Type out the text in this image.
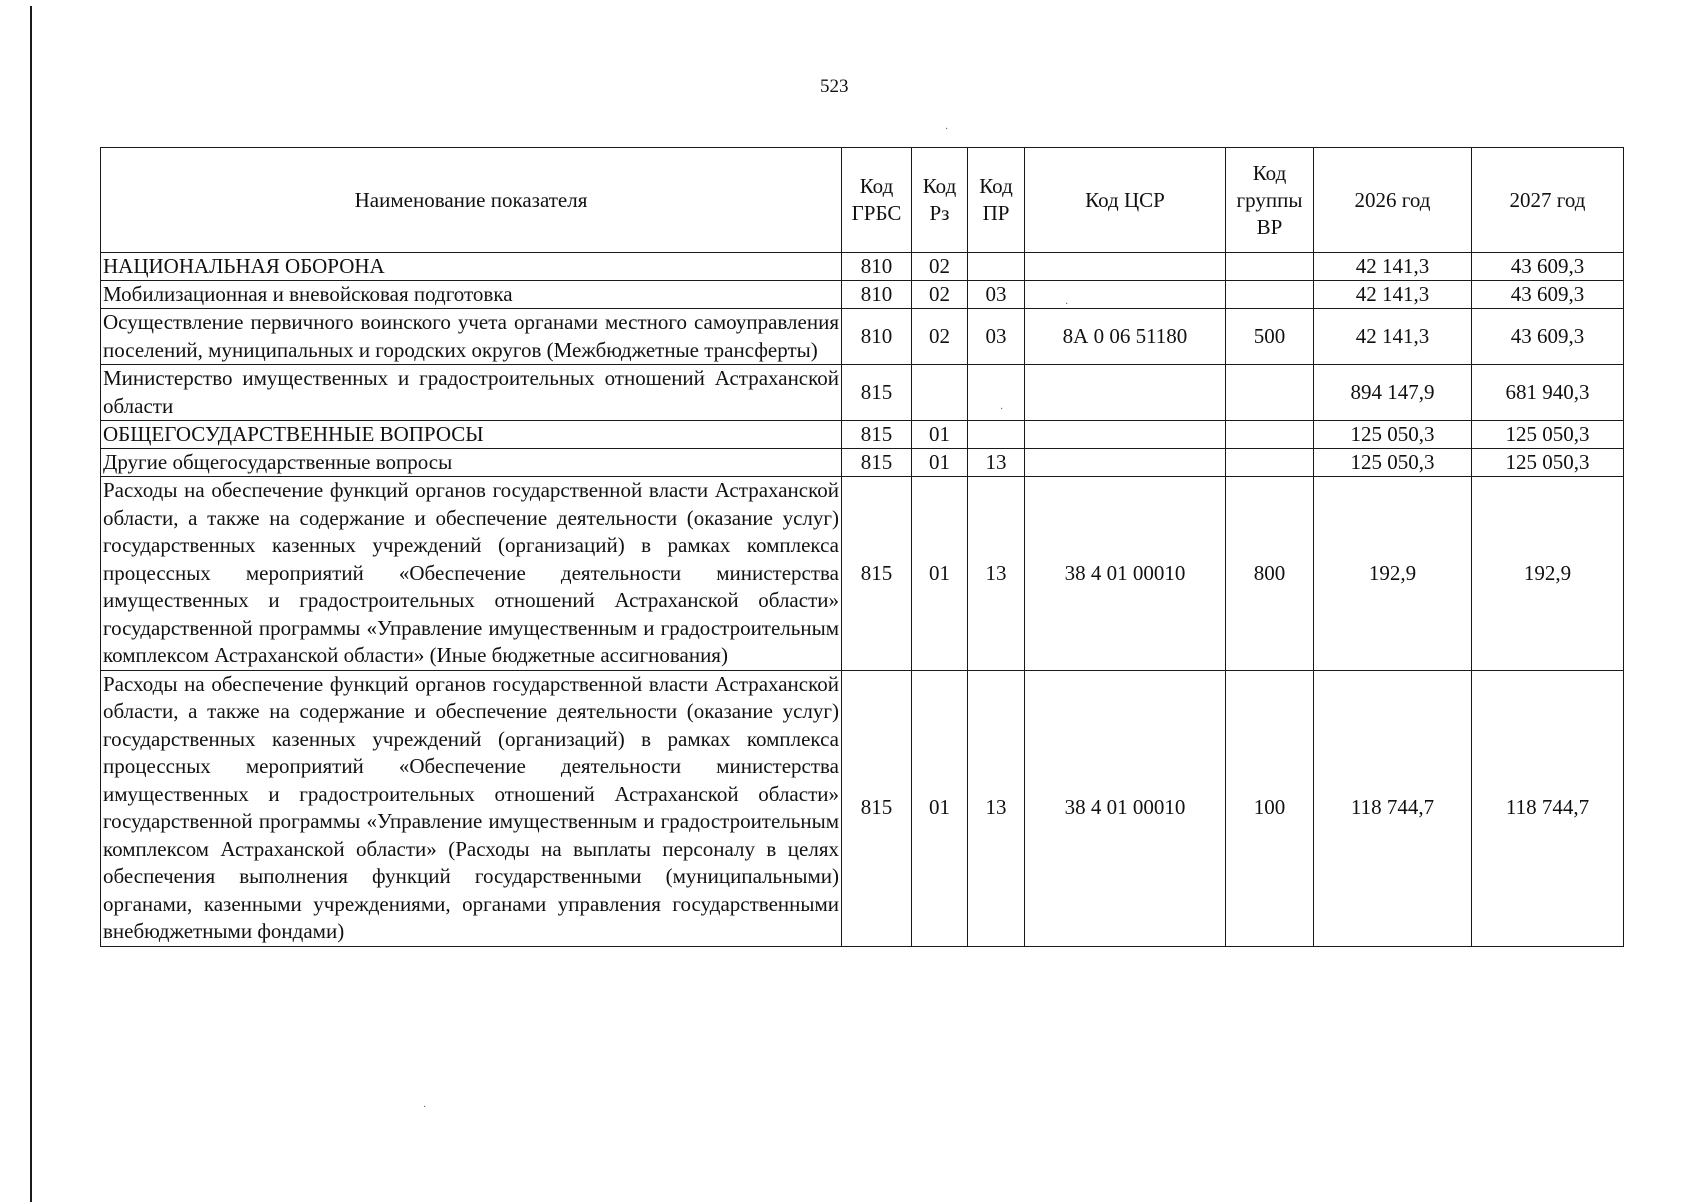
523
·
·
·
·
Наименование показателя	Код ГРБС	Код Рз	Код ПР	Код ЦСР	Код группы ВР	2026 год	2027 год
НАЦИОНАЛЬНАЯ ОБОРОНА	810	02				42 141,3	43 609,3
Мобилизационная и вневойсковая подготовка	810	02	03			42 141,3	43 609,3
Осуществление первичного воинского учета органами местного самоуправления поселений, муниципальных и городских округов (Межбюджетные трансферты)	810	02	03	8А 0 06 51180	500	42 141,3	43 609,3
Министерство имущественных и градостроительных отношений Астраханской области	815					894 147,9	681 940,3
ОБЩЕГОСУДАРСТВЕННЫЕ ВОПРОСЫ	815	01				125 050,3	125 050,3
Другие общегосударственные вопросы	815	01	13			125 050,3	125 050,3
Расходы на обеспечение функций органов государственной власти Астраханской области, а также на содержание и обеспечение деятельности (оказание услуг) государственных казенных учреждений (организаций) в рамках комплекса процессных мероприятий «Обеспечение деятельности министерства имущественных и градостроительных отношений Астраханской области» государственной программы «Управление имущественным и градостроительным комплексом Астраханской области» (Иные бюджетные ассигнования)	815	01	13	38 4 01 00010	800	192,9	192,9
Расходы на обеспечение функций органов государственной власти Астраханской области, а также на содержание и обеспечение деятельности (оказание услуг) государственных казенных учреждений (организаций) в рамках комплекса процессных мероприятий «Обеспечение деятельности министерства имущественных и градостроительных отношений Астраханской области» государственной программы «Управление имущественным и градостроительным комплексом Астраханской области» (Расходы на выплаты персоналу в целях обеспечения выполнения функций государственными (муниципальными) органами, казенными учреждениями, органами управления государственными внебюджетными фондами)	815	01	13	38 4 01 00010	100	118 744,7	118 744,7
